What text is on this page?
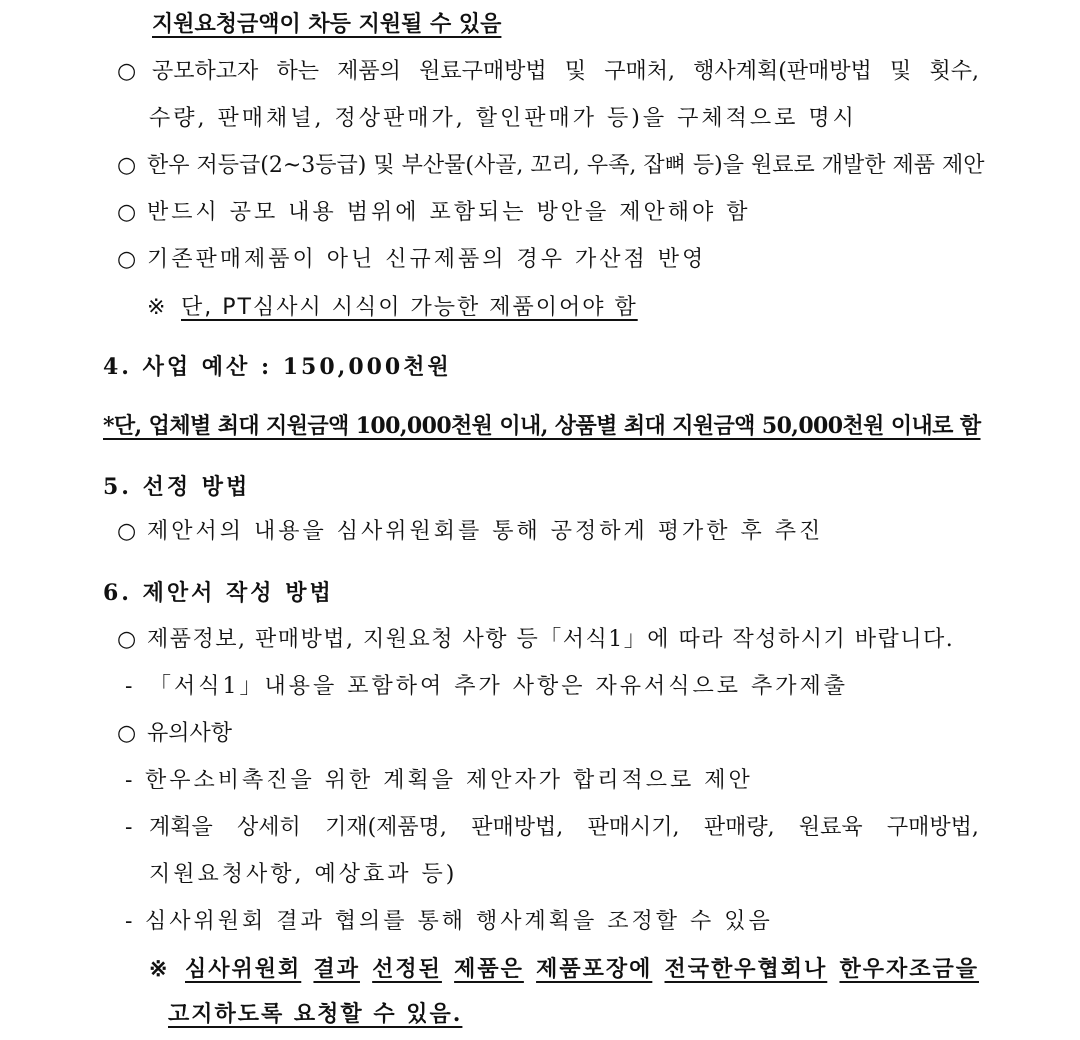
지원요청금액이 차등 지원될 수 있음
○ 공모하고자 하는 제품의 원료구매방법 및 구매처, 행사계획(판매방법 및 횟수,
수량, 판매채널, 정상판매가, 할인판매가 등)을 구체적으로 명시
○ 한우 저등급(2~3등급) 및 부산물(사골, 꼬리, 우족, 잡뼈 등)을 원료로 개발한 제품 제안
○ 반드시 공모 내용 범위에 포함되는 방안을 제안해야 함
○ 기존판매제품이 아닌 신규제품의 경우 가산점 반영
※ 단, PT심사시 시식이 가능한 제품이어야 함
4. 사업 예산 : 150,000천원
*단, 업체별 최대 지원금액 100,000천원 이내, 상품별 최대 지원금액 50,000천원 이내로 함
5. 선정 방법
○ 제안서의 내용을 심사위원회를 통해 공정하게 평가한 후 추진
6. 제안서 작성 방법
○ 제품정보, 판매방법, 지원요청 사항 등「서식1」에 따라 작성하시기 바랍니다.
- 「서식1」내용을 포함하여 추가 사항은 자유서식으로 추가제출
○ 유의사항
- 한우소비촉진을 위한 계획을 제안자가 합리적으로 제안
- 계획을 상세히 기재(제품명, 판매방법, 판매시기, 판매량, 원료육 구매방법,
지원요청사항, 예상효과 등)
- 심사위원회 결과 협의를 통해 행사계획을 조정할 수 있음
※ 심사위원회 결과 선정된 제품은 제품포장에 전국한우협회나 한우자조금을
고지하도록 요청할 수 있음.
